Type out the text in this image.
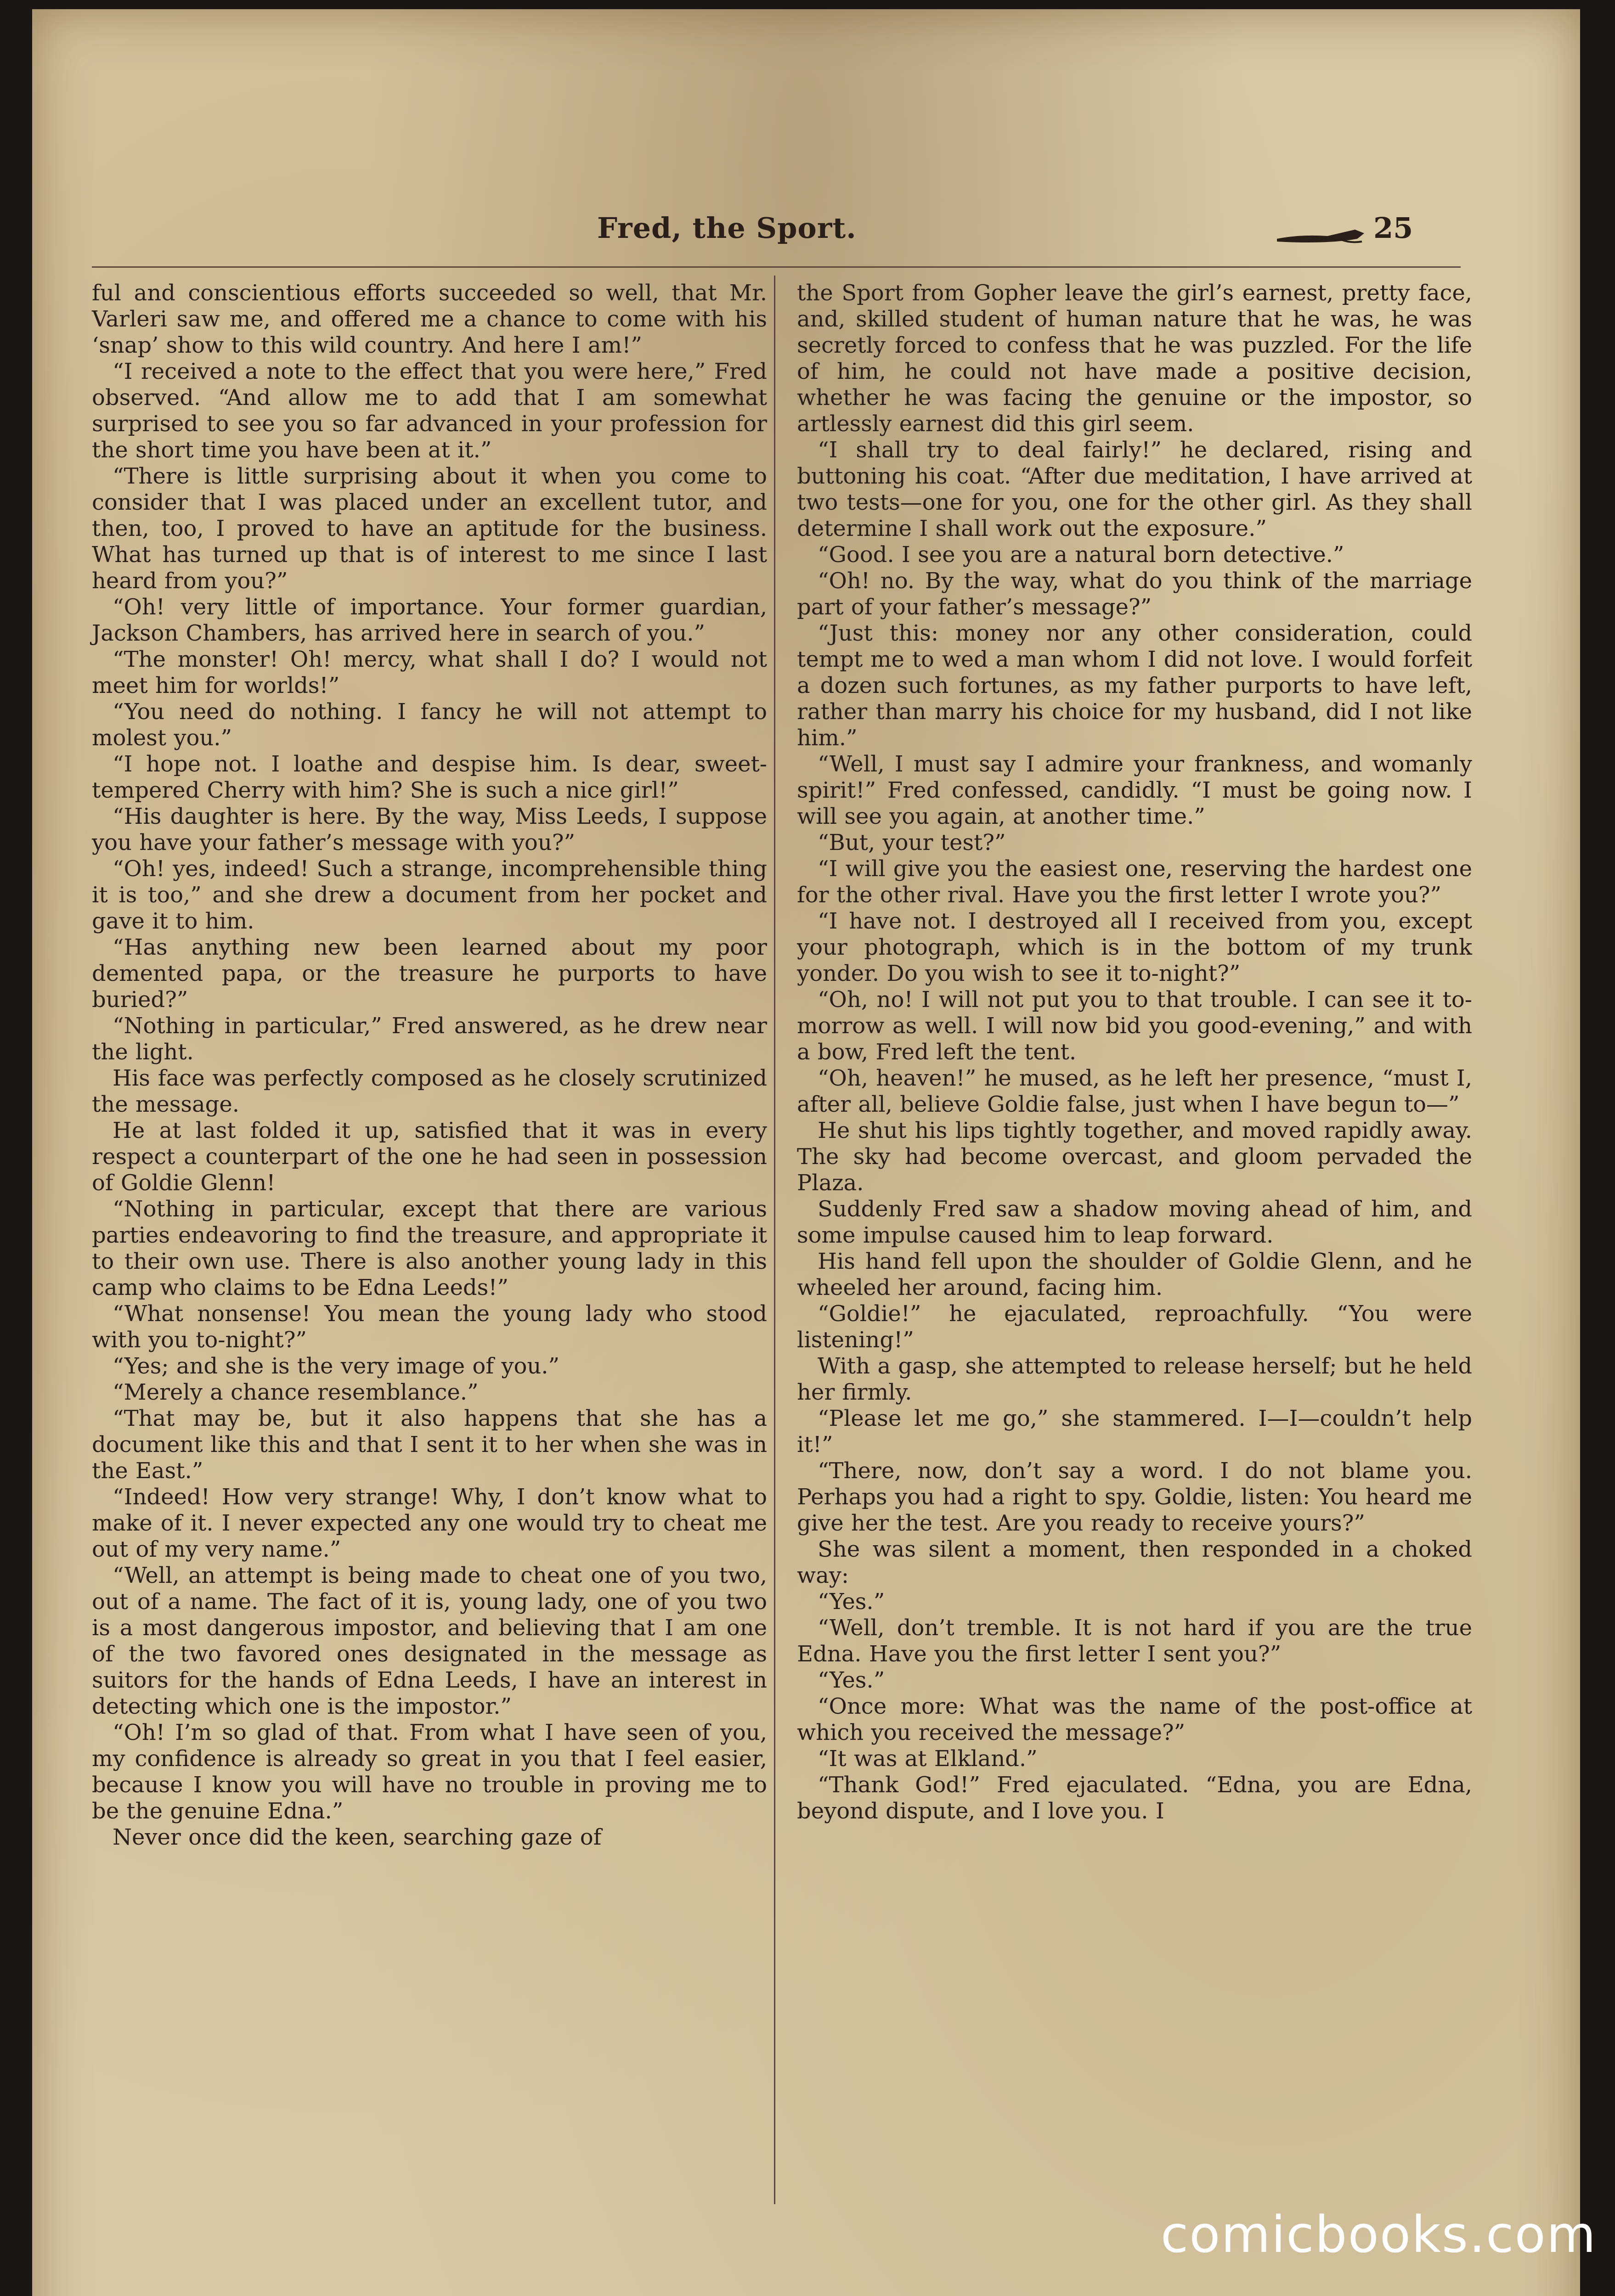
Fred, the Sport.	25

ful and conscientious efforts succeeded so well, that Mr. Varleri saw me, and offered me a chance to come with his ‘snap’ show to this wild country. And here I am!”

“I received a note to the effect that you were here,” Fred observed. “And allow me to add that I am somewhat surprised to see you so far advanced in your profession for the short time you have been at it.”

“There is little surprising about it when you come to consider that I was placed under an excellent tutor, and then, too, I proved to have an aptitude for the business. What has turned up that is of interest to me since I last heard from you?”

“Oh! very little of importance. Your former guardian, Jackson Chambers, has arrived here in search of you.”

“The monster! Oh! mercy, what shall I do? I would not meet him for worlds!”

“You need do nothing. I fancy he will not attempt to molest you.”

“I hope not. I loathe and despise him. Is dear, sweet-tempered Cherry with him? She is such a nice girl!”

“His daughter is here. By the way, Miss Leeds, I suppose you have your father’s message with you?”

“Oh! yes, indeed! Such a strange, incomprehensible thing it is too,” and she drew a document from her pocket and gave it to him.

“Has anything new been learned about my poor demented papa, or the treasure he purports to have buried?”

“Nothing in particular,” Fred answered, as he drew near the light.

His face was perfectly composed as he closely scrutinized the message.

He at last folded it up, satisfied that it was in every respect a counterpart of the one he had seen in possession of Goldie Glenn!

“Nothing in particular, except that there are various parties endeavoring to find the treasure, and appropriate it to their own use. There is also another young lady in this camp who claims to be Edna Leeds!”

“What nonsense! You mean the young lady who stood with you to-night?”

“Yes; and she is the very image of you.”

“Merely a chance resemblance.”

“That may be, but it also happens that she has a document like this and that I sent it to her when she was in the East.”

“Indeed! How very strange! Why, I don’t know what to make of it. I never expected any one would try to cheat me out of my very name.”

“Well, an attempt is being made to cheat one of you two, out of a name. The fact of it is, young lady, one of you two is a most dangerous impostor, and believing that I am one of the two favored ones designated in the message as suitors for the hands of Edna Leeds, I have an interest in detecting which one is the impostor.”

“Oh! I’m so glad of that. From what I have seen of you, my confidence is already so great in you that I feel easier, because I know you will have no trouble in proving me to be the genuine Edna.”

Never once did the keen, searching gaze of

the Sport from Gopher leave the girl’s earnest, pretty face, and, skilled student of human nature that he was, he was secretly forced to confess that he was puzzled. For the life of him, he could not have made a positive decision, whether he was facing the genuine or the impostor, so artlessly earnest did this girl seem.

“I shall try to deal fairly!” he declared, rising and buttoning his coat. “After due meditation, I have arrived at two tests—one for you, one for the other girl. As they shall determine I shall work out the exposure.”

“Good. I see you are a natural born detective.”

“Oh! no. By the way, what do you think of the marriage part of your father’s message?”

“Just this: money nor any other consideration, could tempt me to wed a man whom I did not love. I would forfeit a dozen such fortunes, as my father purports to have left, rather than marry his choice for my husband, did I not like him.”

“Well, I must say I admire your frankness, and womanly spirit!” Fred confessed, candidly. “I must be going now. I will see you again, at another time.”

“But, your test?”

“I will give you the easiest one, reserving the hardest one for the other rival. Have you the first letter I wrote you?”

“I have not. I destroyed all I received from you, except your photograph, which is in the bottom of my trunk yonder. Do you wish to see it to-night?”

“Oh, no! I will not put you to that trouble. I can see it to-morrow as well. I will now bid you good-evening,” and with a bow, Fred left the tent.

“Oh, heaven!” he mused, as he left her presence, “must I, after all, believe Goldie false, just when I have begun to—”

He shut his lips tightly together, and moved rapidly away. The sky had become overcast, and gloom pervaded the Plaza.

Suddenly Fred saw a shadow moving ahead of him, and some impulse caused him to leap forward.

His hand fell upon the shoulder of Goldie Glenn, and he wheeled her around, facing him.

“Goldie!” he ejaculated, reproachfully. “You were listening!”

With a gasp, she attempted to release herself; but he held her firmly.

“Please let me go,” she stammered. I—I—couldn’t help it!”

“There, now, don’t say a word. I do not blame you. Perhaps you had a right to spy. Goldie, listen: You heard me give her the test. Are you ready to receive yours?”

She was silent a moment, then responded in a choked way:

“Yes.”

“Well, don’t tremble. It is not hard if you are the true Edna. Have you the first letter I sent you?”

“Yes.”

“Once more: What was the name of the post-office at which you received the message?”

“It was at Elkland.”

“Thank God!” Fred ejaculated. “Edna, you are Edna, beyond dispute, and I love you. I

comicbooks.com
